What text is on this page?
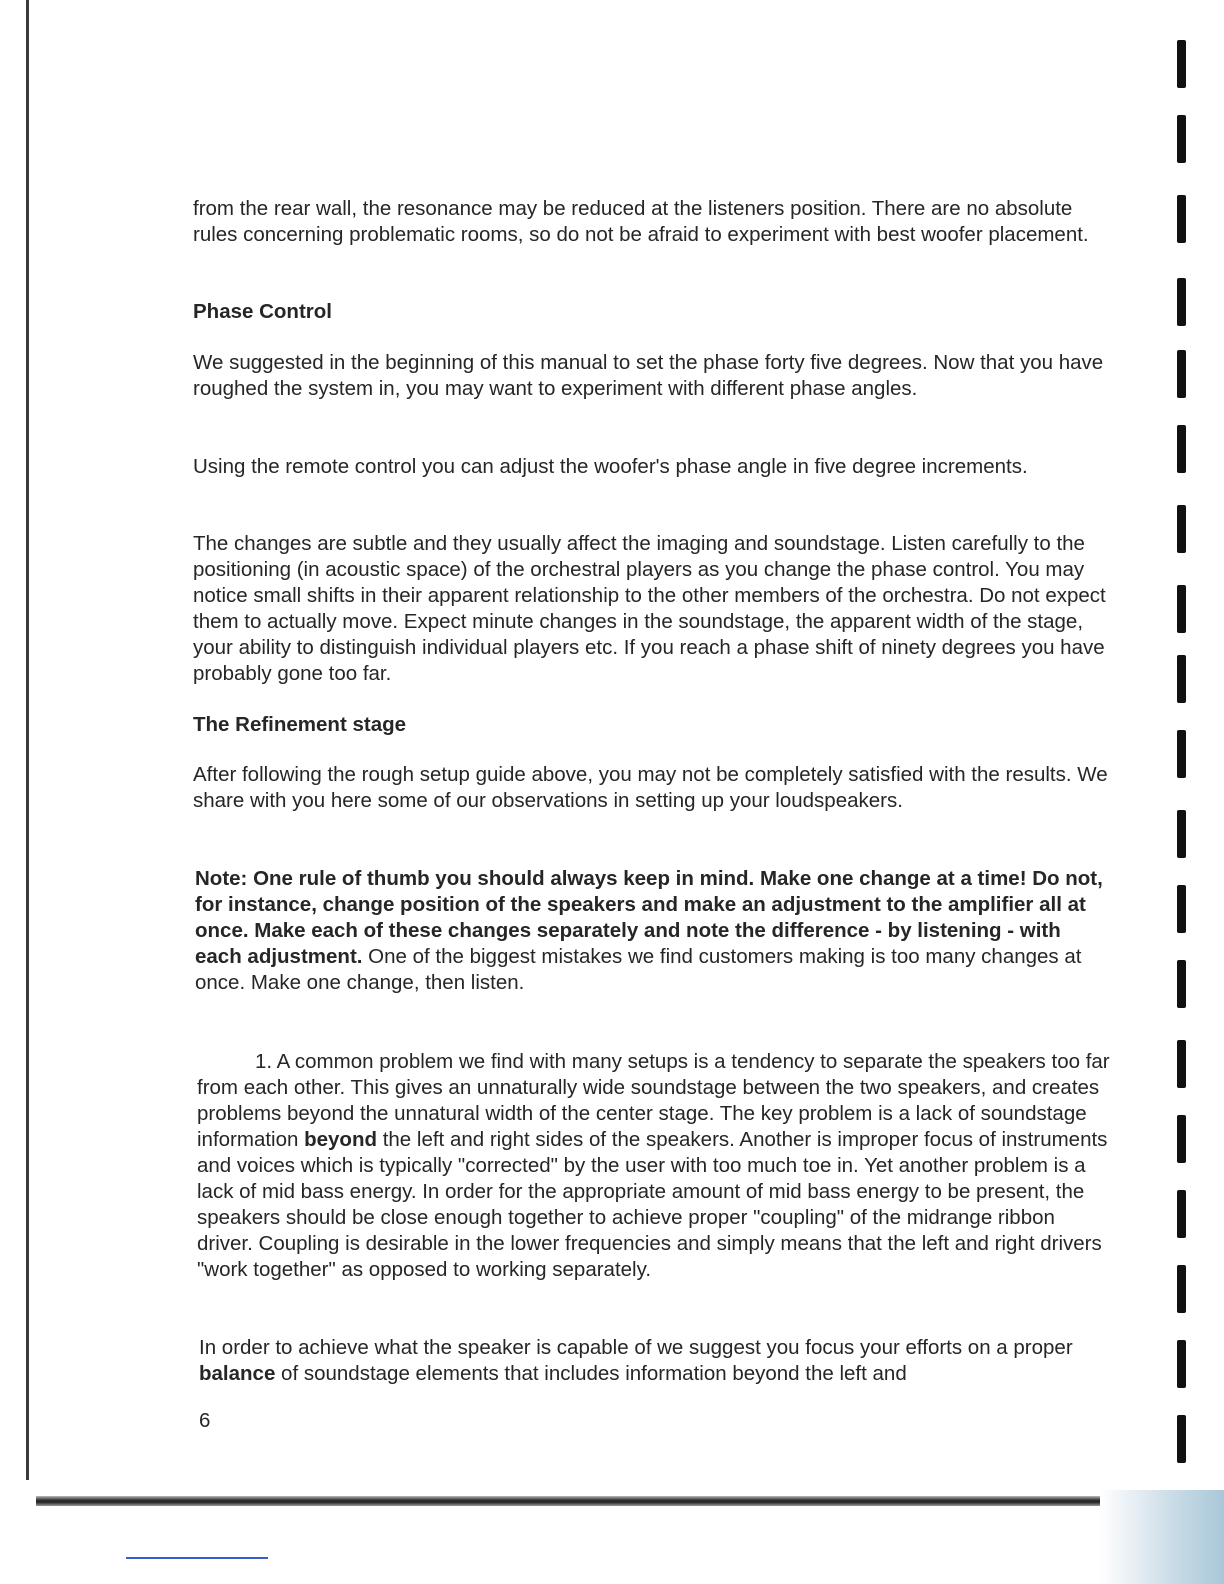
from the rear wall, the resonance may be reduced at the listeners position. There are no absolute rules concerning problematic rooms, so do not be afraid to experiment with best woofer placement.

Phase Control
We suggested in the beginning of this manual to set the phase forty five degrees. Now that you have roughed the system in, you may want to experiment with different phase angles.
Using the remote control you can adjust the woofer's phase angle in five degree increments.
The changes are subtle and they usually affect the imaging and soundstage. Listen carefully to the positioning (in acoustic space) of the orchestral players as you change the phase control. You may notice small shifts in their apparent relationship to the other members of the orchestra. Do not expect them to actually move. Expect minute changes in the soundstage, the apparent width of the stage, your ability to distinguish individual players etc. If you reach a phase shift of ninety degrees you have probably gone too far.
The Refinement stage
After following the rough setup guide above, you may not be completely satisfied with the results. We share with you here some of our observations in setting up your loudspeakers.
Note: One rule of thumb you should always keep in mind. Make one change at a time! Do not, for instance, change position of the speakers and make an adjustment to the amplifier all at once. Make each of these changes separately and note the difference - by listening - with each adjustment. One of the biggest mistakes we find customers making is too many changes at once. Make one change, then listen.
1. A common problem we find with many setups is a tendency to separate the speakers too far from each other. This gives an unnaturally wide soundstage between the two speakers, and creates problems beyond the unnatural width of the center stage. The key problem is a lack of soundstage information beyond the left and right sides of the speakers. Another is improper focus of instruments and voices which is typically "corrected" by the user with too much toe in. Yet another problem is a lack of mid bass energy. In order for the appropriate amount of mid bass energy to be present, the speakers should be close enough together to achieve proper "coupling" of the midrange ribbon driver. Coupling is desirable in the lower frequencies and simply means that the left and right drivers "work together" as opposed to working separately.
In order to achieve what the speaker is capable of we suggest you focus your efforts on a proper balance of soundstage elements that includes information beyond the left and
6
